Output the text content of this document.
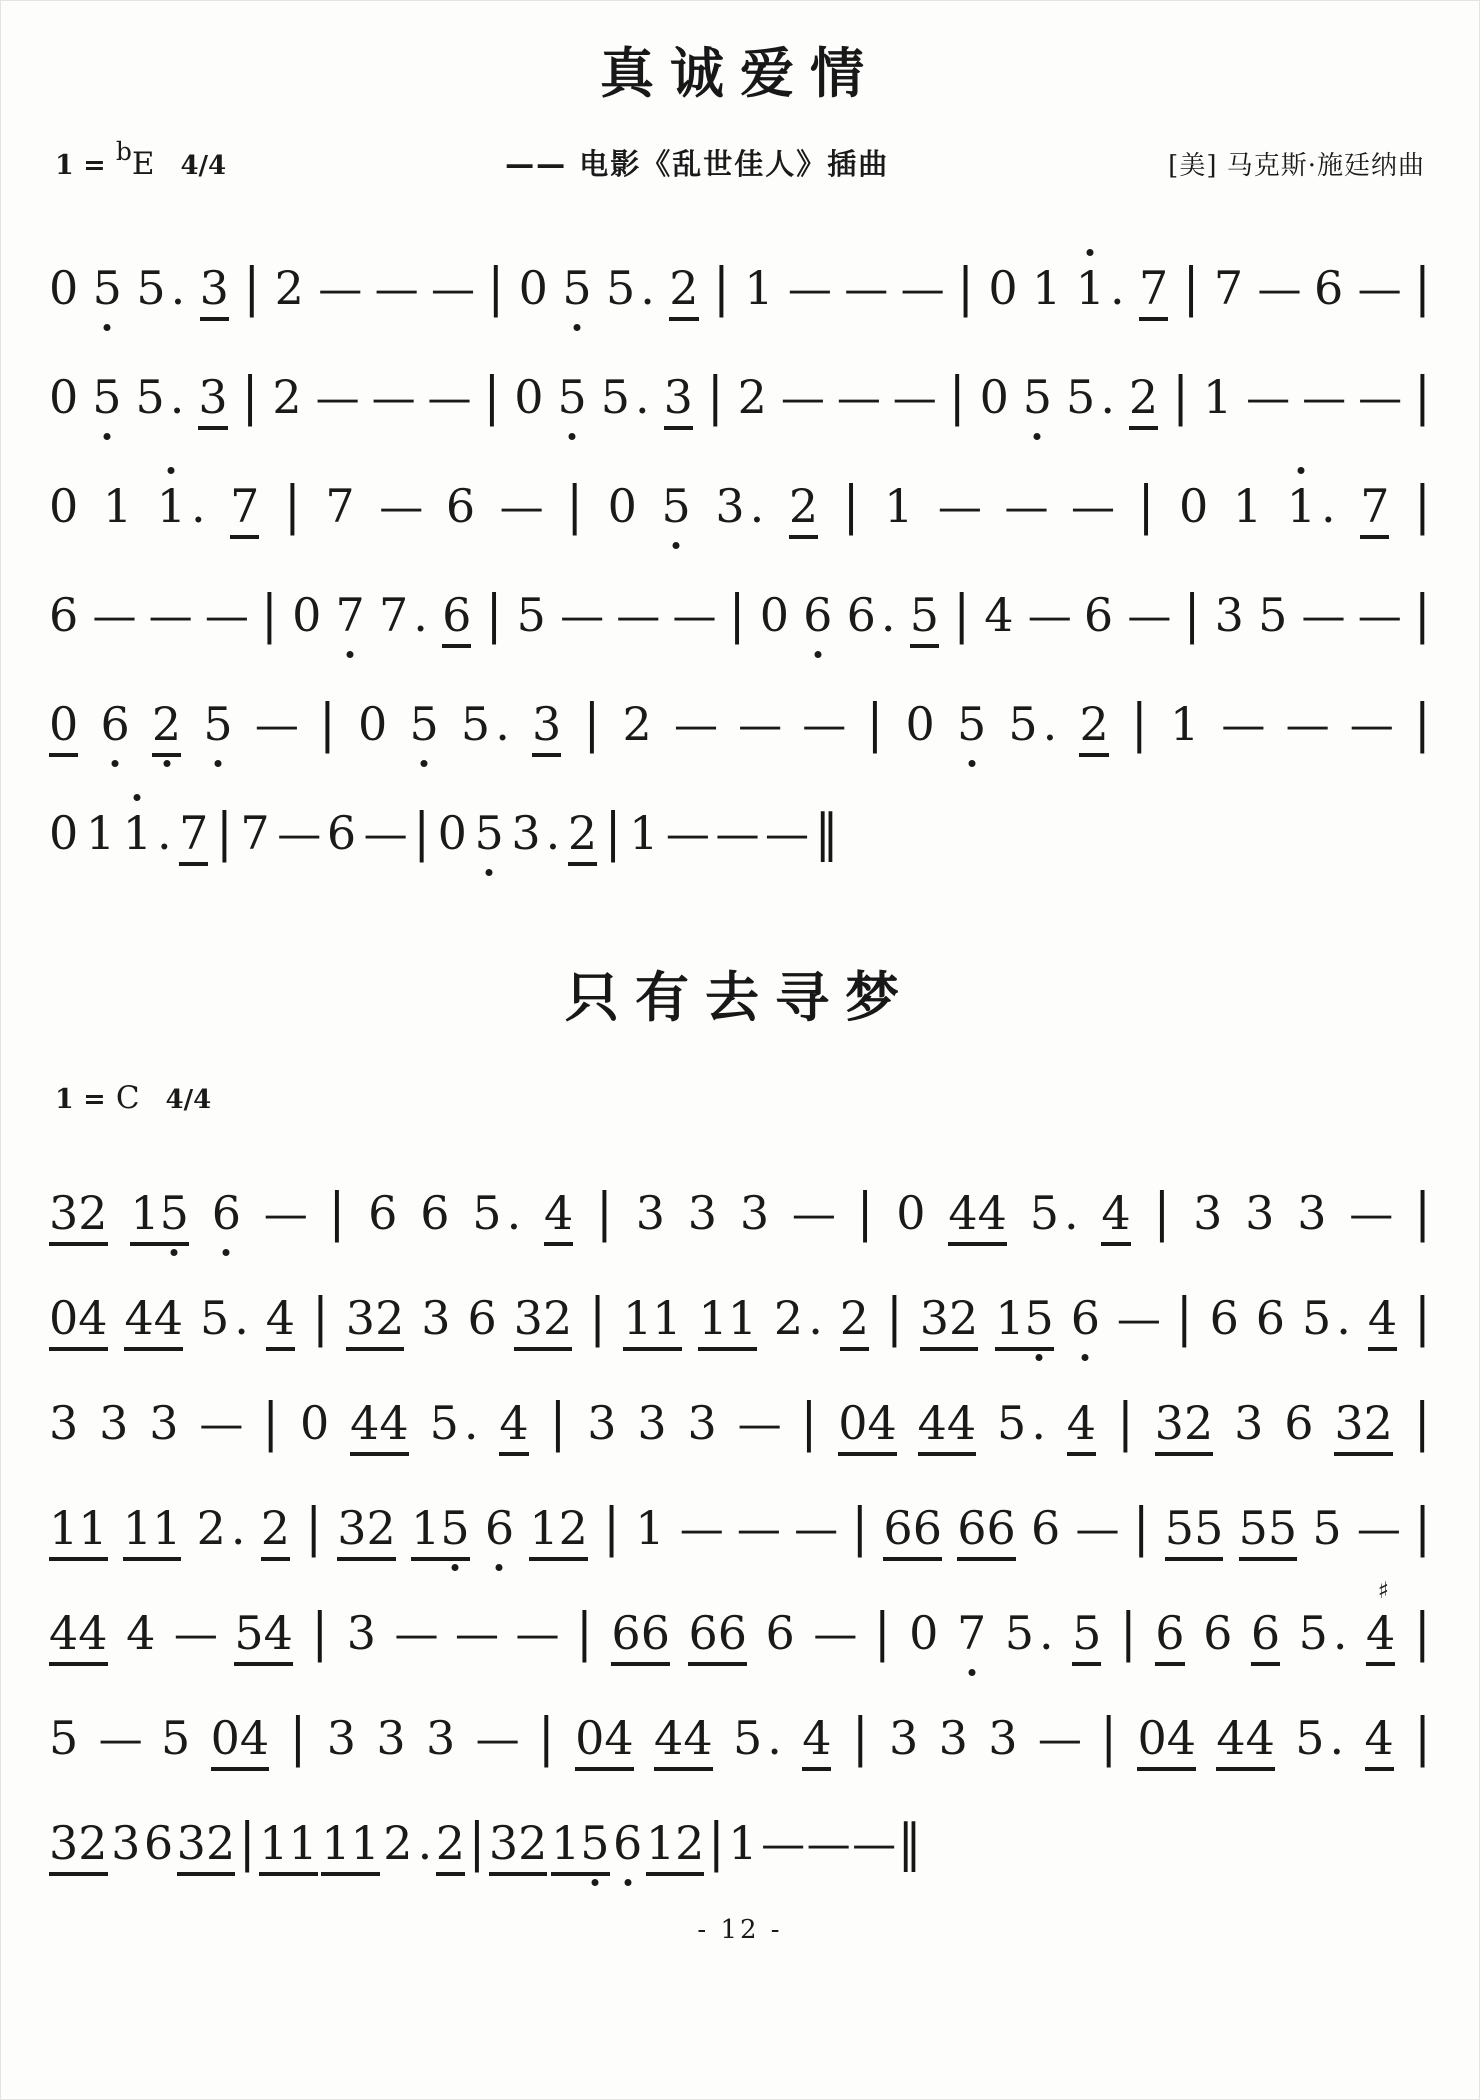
真诚爱情
1 = bE 4/4	—— 电影《乱世佳人》插曲	[美] 马克斯·施廷纳曲
0 5 5 . 3 | 2 — — — | 0 5 5 . 2 | 1 — — — | 0 1 1 . 7 | 7 — 6 — |
0 5 5 . 3 | 2 — — — | 0 5 5 . 3 | 2 — — — | 0 5 5 . 2 | 1 — — — |
0 1 1 . 7 | 7 — 6 — | 0 5 3 . 2 | 1 — — — | 0 1 1 . 7 |
6 — — — | 0 7 7 . 6 | 5 — — — | 0 6 6 . 5 | 4 — 6 — | 3 5 — — |
0 6 2 5 — | 0 5 5 . 3 | 2 — — — | 0 5 5 . 2 | 1 — — — |
0 1 1 . 7 | 7 — 6 — | 0 5 3 . 2 | 1 — — — ‖
只有去寻梦
1 = C 4/4
32 15 6 — | 6 6 5 . 4 | 3 3 3 — | 0 44 5 . 4 | 3 3 3 — |
04 44 5 . 4 | 32 3 6 32 | 11 11 2 . 2 | 32 15 6 — | 6 6 5 . 4 |
3 3 3 — | 0 44 5 . 4 | 3 3 3 — | 04 44 5 . 4 | 32 3 6 32 |
11 11 2 . 2 | 32 15 6 12 | 1 — — — | 66 66 6 — | 55 55 5 — |
44 4 — 54 | 3 — — — | 66 66 6 — | 0 7 5 . 5 | 6 6 6 5 . 4
♯
|
5 — 5 04 | 3 3 3 — | 04 44 5 . 4 | 3 3 3 — | 04 44 5 . 4 |
32 3 6 32 | 11 11 2 . 2 | 32 15 6 12 | 1 — — — ‖
- 12 -
